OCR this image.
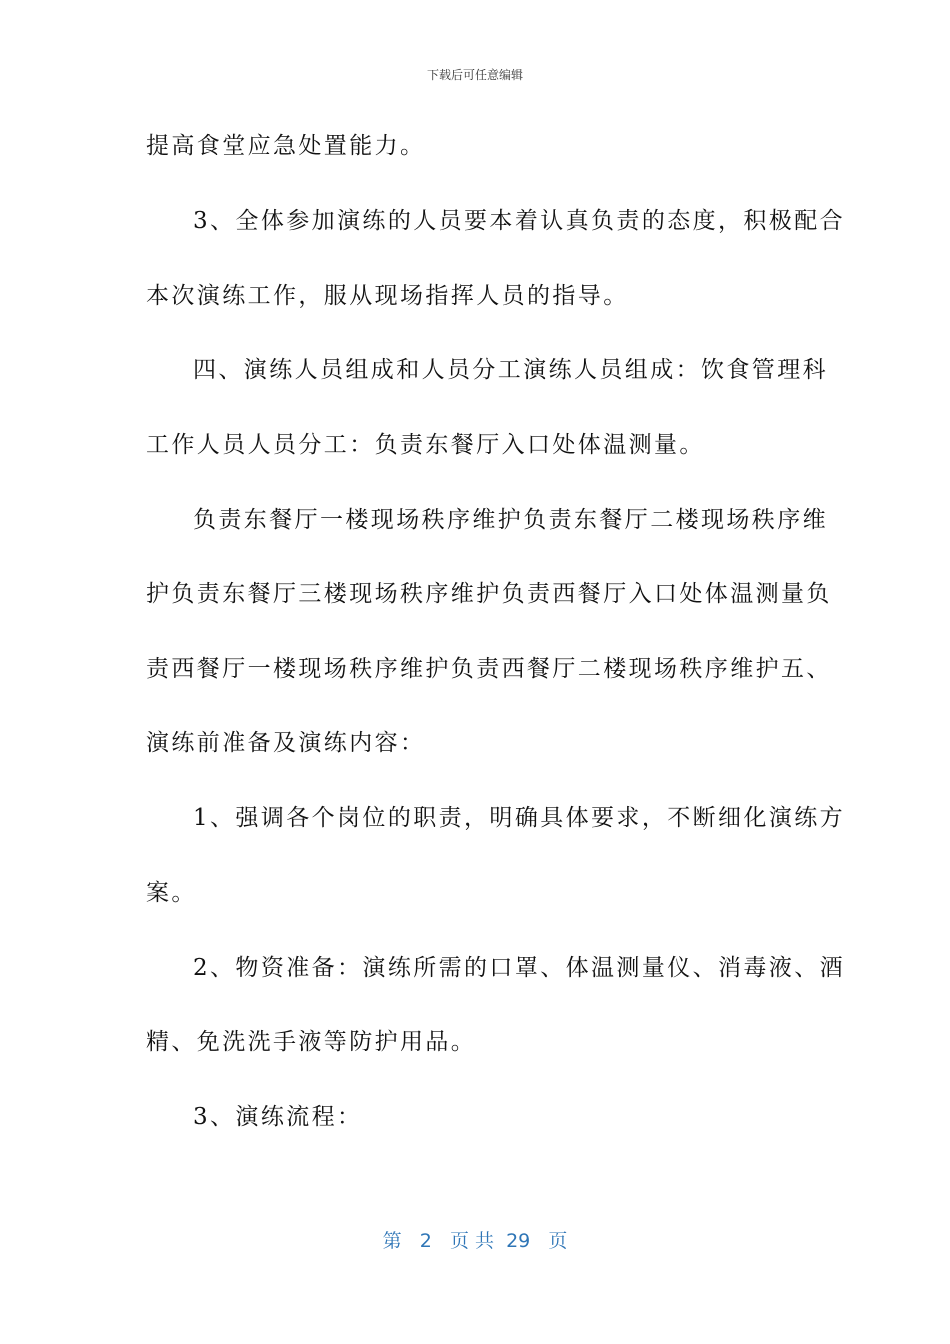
下载后可任意编辑
提高食堂应急处置能力。
3、全体参加演练的人员要本着认真负责的态度，积极配合
本次演练工作，服从现场指挥人员的指导。
四、演练人员组成和人员分工演练人员组成：饮食管理科
工作人员人员分工：负责东餐厅入口处体温测量。
负责东餐厅一楼现场秩序维护负责东餐厅二楼现场秩序维
护负责东餐厅三楼现场秩序维护负责西餐厅入口处体温测量负
责西餐厅一楼现场秩序维护负责西餐厅二楼现场秩序维护五、
演练前准备及演练内容：
1、强调各个岗位的职责，明确具体要求，不断细化演练方
案。
2、物资准备：演练所需的口罩、体温测量仪、消毒液、酒
精、免洗洗手液等防护用品。
3、演练流程：
第 2 页 共 29 页
